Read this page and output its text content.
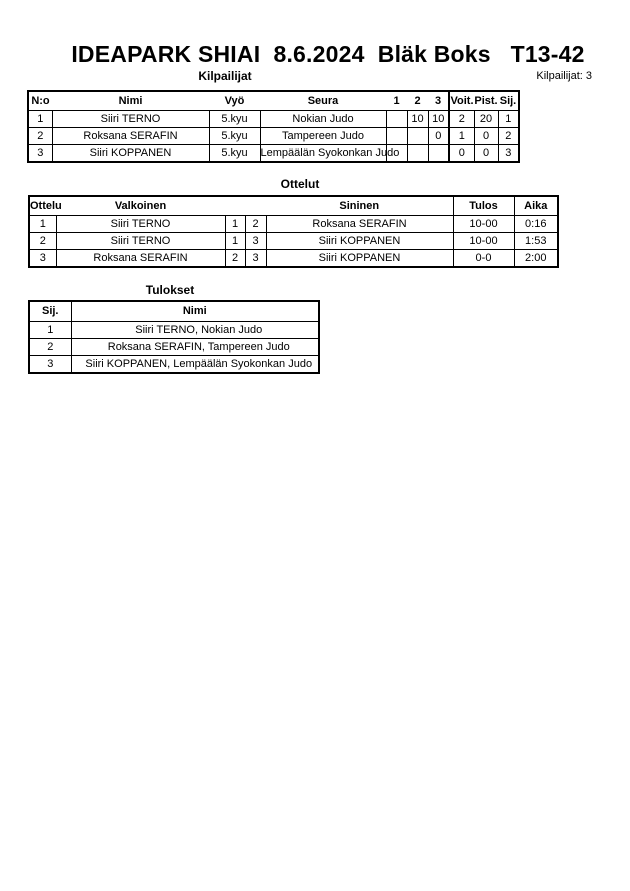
IDEAPARK SHIAI  8.6.2024  Bläk Boks   T13-42
Kilpailijat	Kilpailijat: 3
N:o	Nimi	Vyö	Seura	1	2	3	Voit.	Pist.	Sij.
1	Siiri TERNO	5.kyu	Nokian Judo		10	10	2	20	1
2	Roksana SERAFIN	5.kyu	Tampereen Judo			0	1	0	2
3	Siiri KOPPANEN	5.kyu	Lempäälän Syokonkan Judo				0	0	3
Ottelut
Ottelu	Valkoinen			Sininen	Tulos	Aika
1	Siiri TERNO	1	2	Roksana SERAFIN	10-00	0:16
2	Siiri TERNO	1	3	Siiri KOPPANEN	10-00	1:53
3	Roksana SERAFIN	2	3	Siiri KOPPANEN	0-0	2:00
Tulokset
Sij.	Nimi
1	Siiri TERNO, Nokian Judo
2	Roksana SERAFIN, Tampereen Judo
3	Siiri KOPPANEN, Lempäälän Syokonkan Judo
